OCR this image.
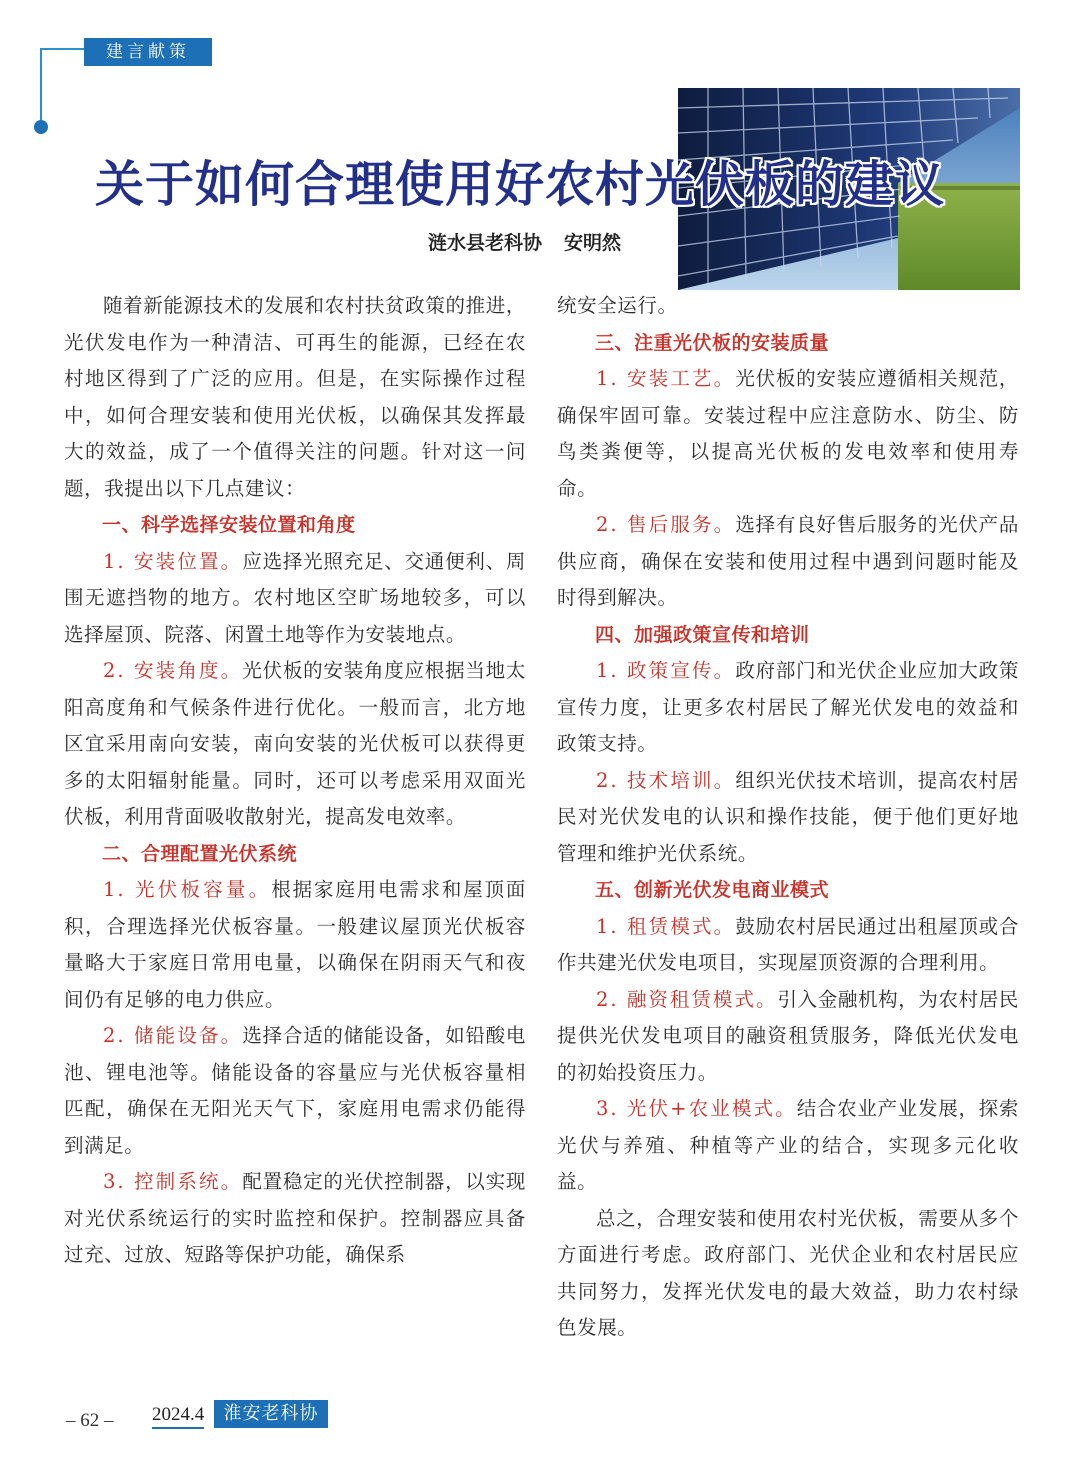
建言献策
关于如何合理使用好农村光伏板的建议
涟水县老科协 安明然

随着新能源技术的发展和农村扶贫政策的推进，光伏发电作为一种清洁、可再生的能源，已经在农村地区得到了广泛的应用。但是，在实际操作过程中，如何合理安装和使用光伏板，以确保其发挥最大的效益，成了一个值得关注的问题。针对这一问题，我提出以下几点建议：

一、科学选择安装位置和角度

1. 安装位置。应选择光照充足、交通便利、周围无遮挡物的地方。农村地区空旷场地较多，可以选择屋顶、院落、闲置土地等作为安装地点。

2. 安装角度。光伏板的安装角度应根据当地太阳高度角和气候条件进行优化。一般而言，北方地区宜采用南向安装，南向安装的光伏板可以获得更多的太阳辐射能量。同时，还可以考虑采用双面光伏板，利用背面吸收散射光，提高发电效率。

二、合理配置光伏系统

1. 光伏板容量。根据家庭用电需求和屋顶面积，合理选择光伏板容量。一般建议屋顶光伏板容量略大于家庭日常用电量，以确保在阴雨天气和夜间仍有足够的电力供应。

2. 储能设备。选择合适的储能设备，如铅酸电池、锂电池等。储能设备的容量应与光伏板容量相匹配，确保在无阳光天气下，家庭用电需求仍能得到满足。

3. 控制系统。配置稳定的光伏控制器，以实现对光伏系统运行的实时监控和保护。控制器应具备过充、过放、短路等保护功能，确保系

统安全运行。

三、注重光伏板的安装质量

1. 安装工艺。光伏板的安装应遵循相关规范，确保牢固可靠。安装过程中应注意防水、防尘、防鸟类粪便等，以提高光伏板的发电效率和使用寿命。

2. 售后服务。选择有良好售后服务的光伏产品供应商，确保在安装和使用过程中遇到问题时能及时得到解决。

四、加强政策宣传和培训

1. 政策宣传。政府部门和光伏企业应加大政策宣传力度，让更多农村居民了解光伏发电的效益和政策支持。

2. 技术培训。组织光伏技术培训，提高农村居民对光伏发电的认识和操作技能，便于他们更好地管理和维护光伏系统。

五、创新光伏发电商业模式

1. 租赁模式。鼓励农村居民通过出租屋顶或合作共建光伏发电项目，实现屋顶资源的合理利用。

2. 融资租赁模式。引入金融机构，为农村居民提供光伏发电项目的融资租赁服务，降低光伏发电的初始投资压力。

3. 光伏+农业模式。结合农业产业发展，探索光伏与养殖、种植等产业的结合，实现多元化收益。

总之，合理安装和使用农村光伏板，需要从多个方面进行考虑。政府部门、光伏企业和农村居民应共同努力，发挥光伏发电的最大效益，助力农村绿色发展。

– 62 – 2024.4	淮安老科协
